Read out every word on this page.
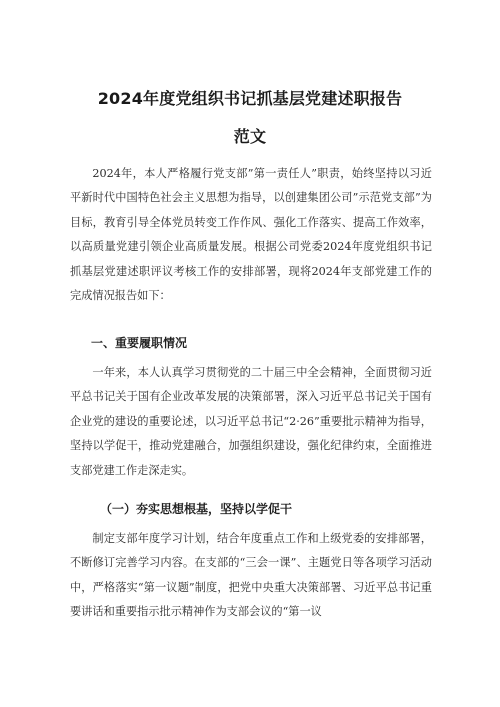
2024年度党组织书记抓基层党建述职报告
范文

2024年，本人严格履行党支部”第一责任人”职责，始终坚持以习近平新时代中国特色社会主义思想为指导，以创建集团公司”示范党支部”为目标，教育引导全体党员转变工作作风、强化工作落实、提高工作效率，以高质量党建引领企业高质量发展。根据公司党委2024年度党组织书记抓基层党建述职评议考核工作的安排部署，现将2024年支部党建工作的完成情况报告如下：

一、重要履职情况

一年来，本人认真学习贯彻党的二十届三中全会精神，全面贯彻习近平总书记关于国有企业改革发展的决策部署，深入习近平总书记关于国有企业党的建设的重要论述，以习近平总书记“2·26”重要批示精神为指导，坚持以学促干，推动党建融合，加强组织建设，强化纪律约束，全面推进支部党建工作走深走实。

（一）夯实思想根基，坚持以学促干

制定支部年度学习计划，结合年度重点工作和上级党委的安排部署，不断修订完善学习内容。在支部的“三会一课”、主题党日等各项学习活动中，严格落实“第一议题”制度，把党中央重大决策部署、习近平总书记重要讲话和重要指示批示精神作为支部会议的“第一议
